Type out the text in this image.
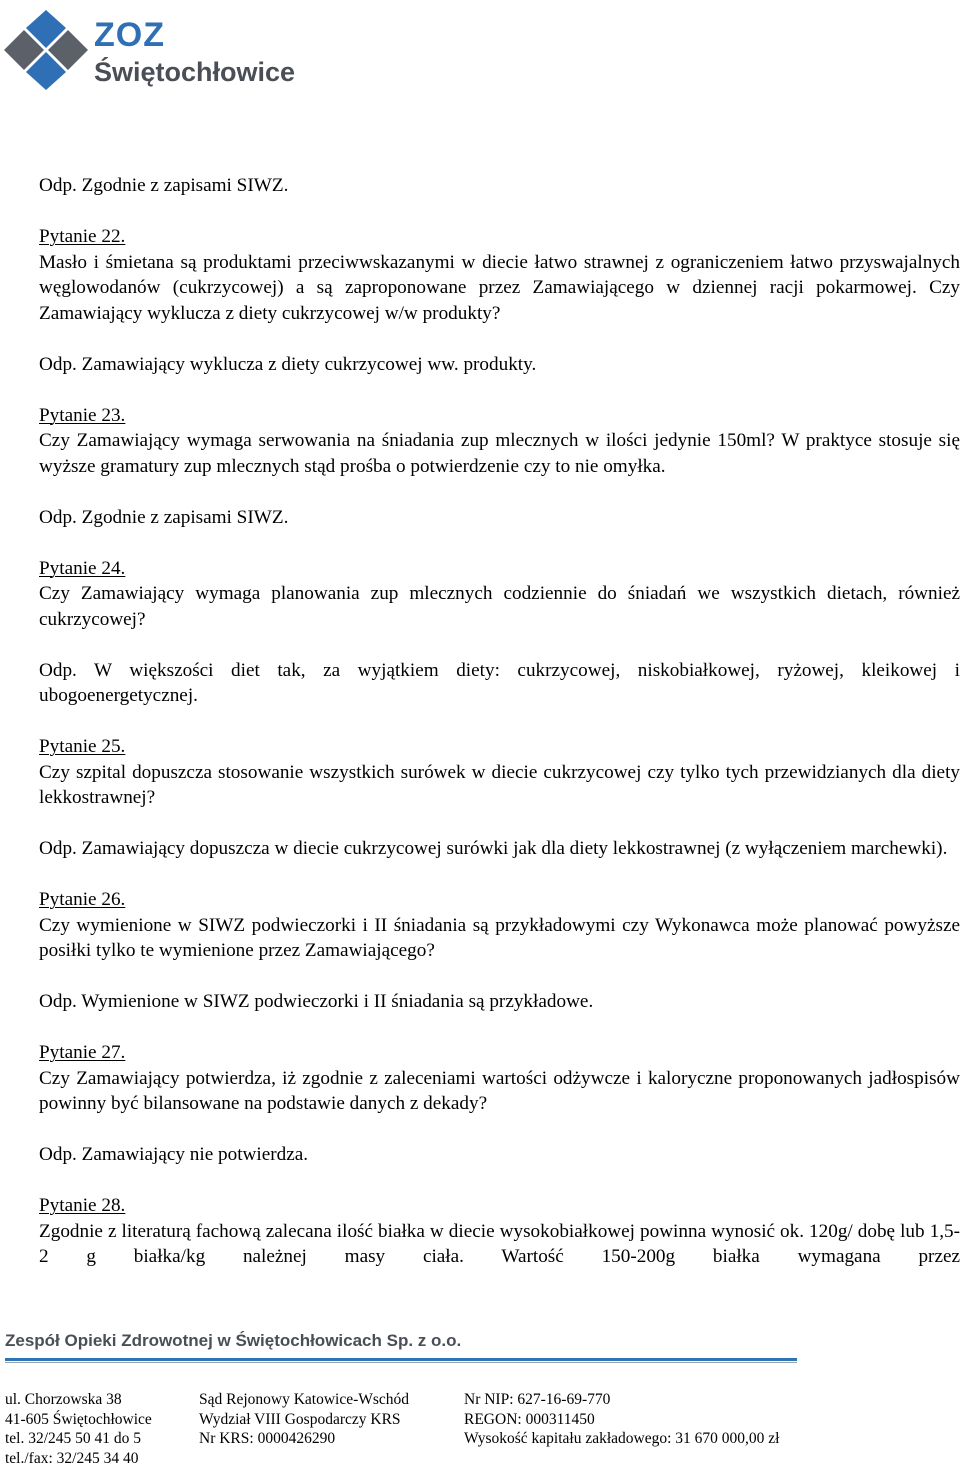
ZOZ
Świętochłowice

Odp. Zgodnie z zapisami SIWZ.

Pytanie 22.

Masło i śmietana są produktami przeciwwskazanymi w diecie łatwo strawnej z ograniczeniem łatwo przyswajalnych węglowodanów (cukrzycowej) a są zaproponowane przez Zamawiającego w dziennej racji pokarmowej. Czy Zamawiający wyklucza z diety cukrzycowej w/w produkty?

Odp. Zamawiający wyklucza z diety cukrzycowej ww. produkty.

Pytanie 23.

Czy Zamawiający wymaga serwowania na śniadania zup mlecznych w ilości jedynie 150ml? W praktyce stosuje się wyższe gramatury zup mlecznych stąd prośba o potwierdzenie czy to nie omyłka.

Odp. Zgodnie z zapisami SIWZ.

Pytanie 24.

Czy Zamawiający wymaga planowania zup mlecznych codziennie do śniadań we wszystkich dietach, również cukrzycowej?

Odp. W większości diet tak, za wyjątkiem diety: cukrzycowej, niskobiałkowej, ryżowej, kleikowej i ubogoenergetycznej.

Pytanie 25.

Czy szpital dopuszcza stosowanie wszystkich surówek w diecie cukrzycowej czy tylko tych przewidzianych dla diety lekkostrawnej?

Odp. Zamawiający dopuszcza w diecie cukrzycowej surówki jak dla diety lekkostrawnej (z wyłączeniem marchewki).

Pytanie 26.

Czy wymienione w SIWZ podwieczorki i II śniadania są przykładowymi czy Wykonawca może planować powyższe posiłki tylko te wymienione przez Zamawiającego?

Odp. Wymienione w SIWZ podwieczorki i II śniadania są przykładowe.

Pytanie 27.

Czy Zamawiający potwierdza, iż zgodnie z zaleceniami wartości odżywcze i kaloryczne proponowanych jadłospisów powinny być bilansowane na podstawie danych z dekady?

Odp. Zamawiający nie potwierdza.

Pytanie 28.

Zgodnie z literaturą fachową zalecana ilość białka w diecie wysokobiałkowej powinna wynosić ok. 120g/ dobę lub 1,5-2 g białka/kg należnej masy ciała. Wartość 150-200g białka wymagana przez

Zespół Opieki Zdrowotnej w Świętochłowicach Sp. z o.o.
ul. Chorzowska 38
41-605 Świętochłowice
tel. 32/245 50 41 do 5
tel./fax: 32/245 34 40
Sąd Rejonowy Katowice-Wschód
Wydział VIII Gospodarczy KRS
Nr KRS: 0000426290
Nr NIP: 627-16-69-770
REGON: 000311450
Wysokość kapitału zakładowego: 31 670 000,00 zł
